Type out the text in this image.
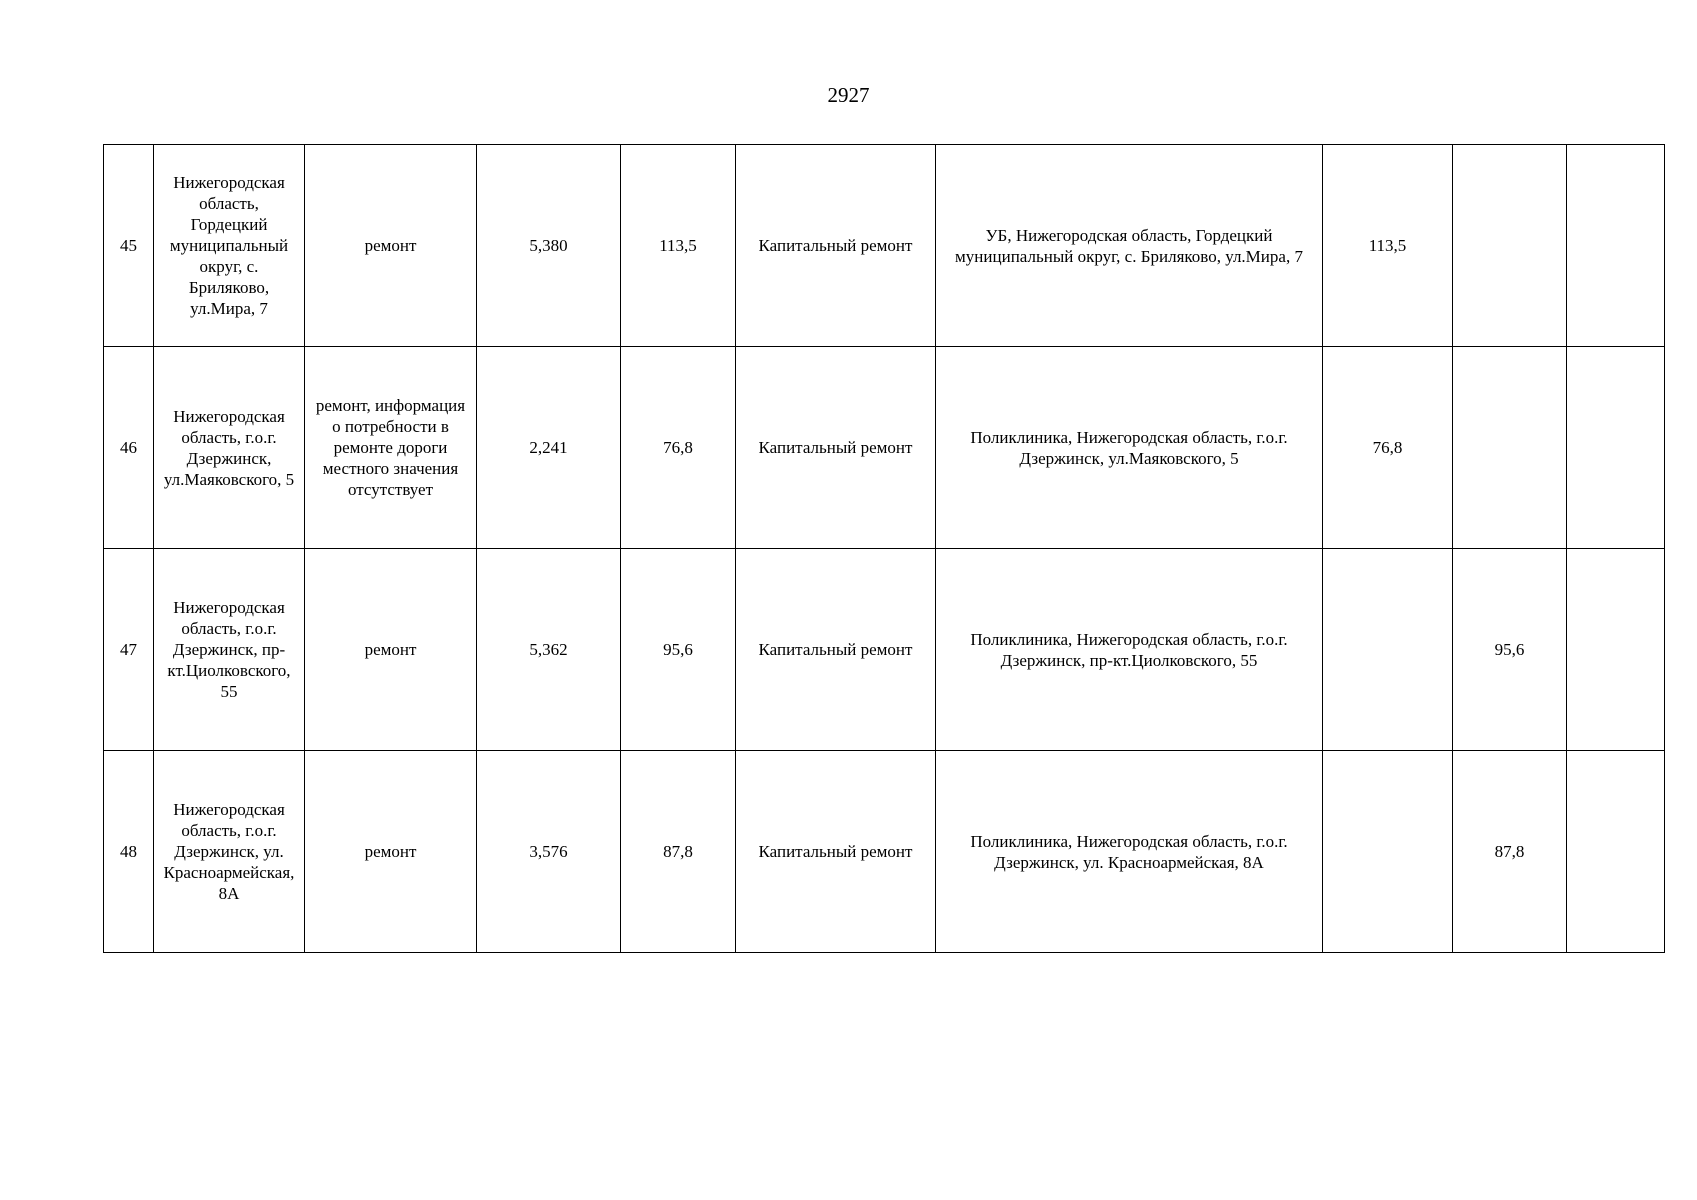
2927
45	Нижегородская область, Гордецкий муниципальный округ, с. Бриляково, ул.Мира, 7	ремонт	5,380	113,5	Капитальный ремонт	УБ, Нижегородская область, Гордецкий муниципальный округ, с. Бриляково, ул.Мира, 7	113,5		
46	Нижегородская область, г.о.г. Дзержинск, ул.Маяковского, 5	ремонт, информация о потребности в ремонте дороги местного значения отсутствует	2,241	76,8	Капитальный ремонт	Поликлиника, Нижегородская область, г.о.г. Дзержинск, ул.Маяковского, 5	76,8		
47	Нижегородская область, г.о.г. Дзержинск, пр-кт.Циолковского, 55	ремонт	5,362	95,6	Капитальный ремонт	Поликлиника, Нижегородская область, г.о.г. Дзержинск, пр-кт.Циолковского, 55		95,6	
48	Нижегородская область, г.о.г. Дзержинск, ул. Красноармейская, 8А	ремонт	3,576	87,8	Капитальный ремонт	Поликлиника, Нижегородская область, г.о.г. Дзержинск, ул. Красноармейская, 8А		87,8	
